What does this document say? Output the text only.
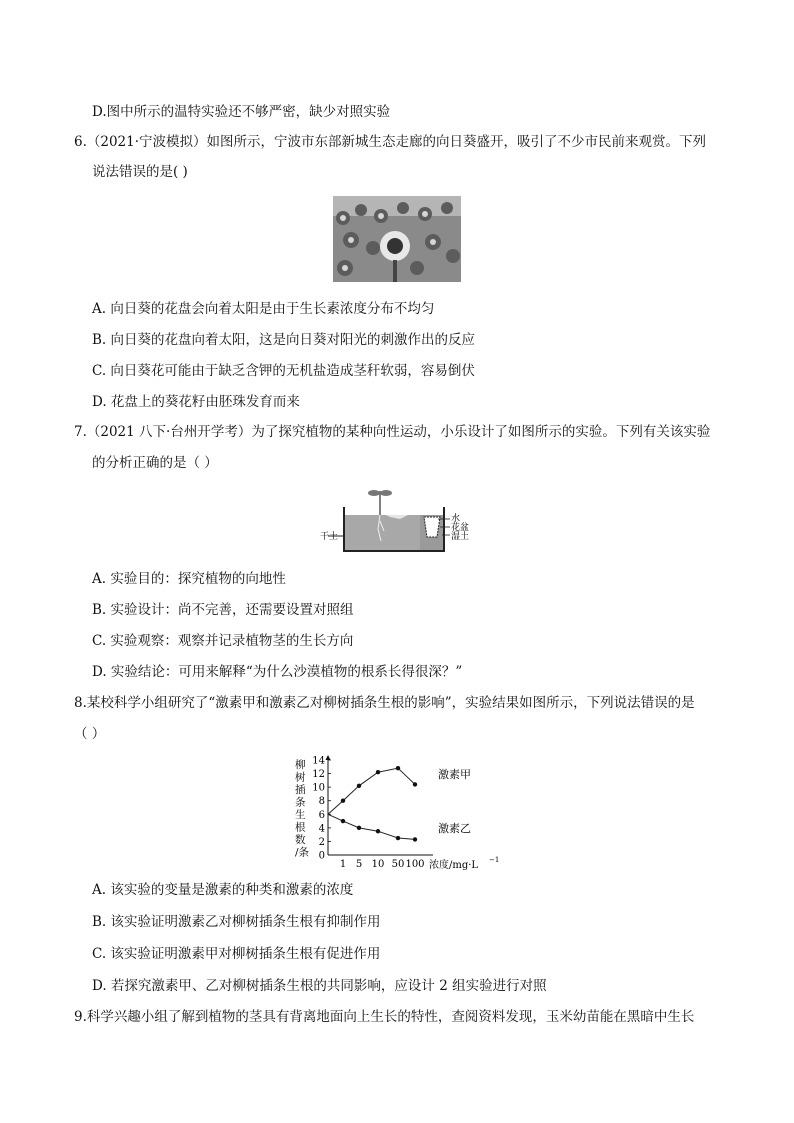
D.图中所示的温特实验还不够严密，缺少对照实验
6.（2021·宁波模拟）如图所示，宁波市东部新城生态走廊的向日葵盛开，吸引了不少市民前来观赏。下列
说法错误的是( )
A. 向日葵的花盘会向着太阳是由于生长素浓度分布不均匀
B. 向日葵的花盘向着太阳，这是向日葵对阳光的刺激作出的反应
C. 向日葵花可能由于缺乏含钾的无机盐造成茎秆软弱，容易倒伏
D. 花盘上的葵花籽由胚珠发育而来
7.（2021 八下·台州开学考）为了探究植物的某种向性运动，小乐设计了如图所示的实验。下列有关该实验
的分析正确的是（ ）
干土
水
花盆
湿土
A. 实验目的：探究植物的向地性
B. 实验设计：尚不完善，还需要设置对照组
C. 实验观察：观察并记录植物茎的生长方向
D. 实验结论：可用来解释“为什么沙漠植物的根系长得很深？”
8.某校科学小组研究了“激素甲和激素乙对柳树插条生根的影响”，实验结果如图所示，下列说法错误的是
（ ）
柳
树
插
条
生
根
数
/条 0
2
4
6
8
10
12
14
1 5 10 50 100 浓度/mg·L −1
激素甲
激素乙
A. 该实验的变量是激素的种类和激素的浓度
B. 该实验证明激素乙对柳树插条生根有抑制作用
C. 该实验证明激素甲对柳树插条生根有促进作用
D. 若探究激素甲、乙对柳树插条生根的共同影响，应设计 2 组实验进行对照
9.科学兴趣小组了解到植物的茎具有背离地面向上生长的特性，查阅资料发现，玉米幼苗能在黑暗中生长
